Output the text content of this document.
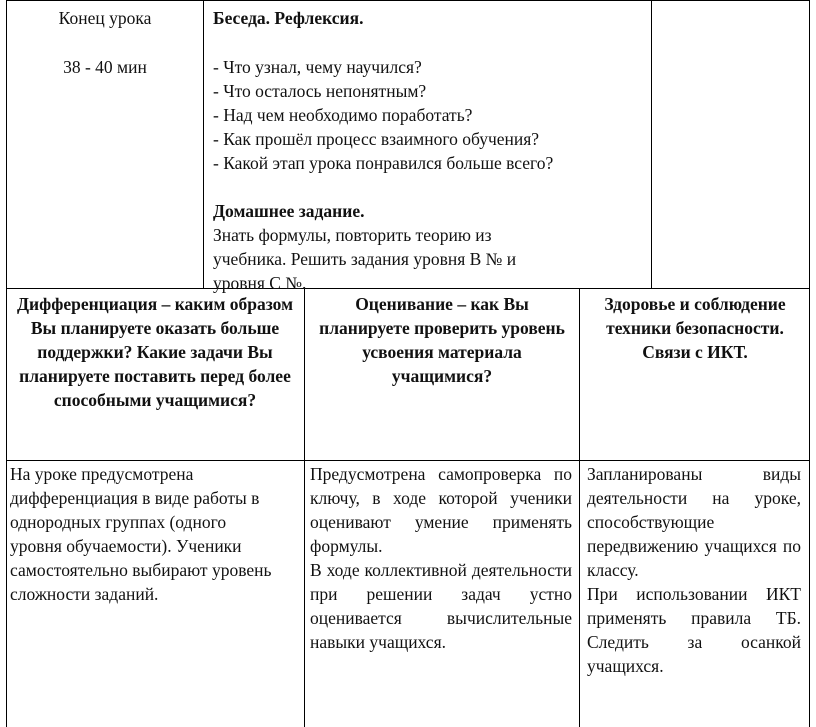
Конец урока
38 - 40 мин
Беседа. Рефлексия.
- Что узнал, чему научился?
- Что осталось непонятным?
- Над чем необходимо поработать?
- Как прошёл процесс взаимного обучения?
- Какой этап урока понравился больше всего?
Домашнее задание.
Знать формулы, повторить теорию из
учебника. Решить задания уровня В № и
уровня С №.
Дифференциация – каким образом Вы планируете оказать больше поддержки? Какие задачи Вы планируете поставить перед более способными учащимися?
Оценивание – как Вы планируете проверить уровень усвоения материала учащимися?
Здоровье и соблюдение техники безопасности. Связи с ИКТ.

На уроке предусмотрена дифференциация в виде работы в однородных группах (одного уровня обучаемости). Ученики самостоятельно выбирают уровень сложности заданий.

Предусмотрена самопроверка по ключу, в ходе которой ученики оценивают умение применять формулы.

В ходе коллективной деятельности при решении задач устно оценивается вычислительные навыки учащихся.

Запланированы виды деятельности на уроке, способствующие передвижению учащихся по классу.

При использовании ИКТ применять правила ТБ. Следить за осанкой учащихся.
